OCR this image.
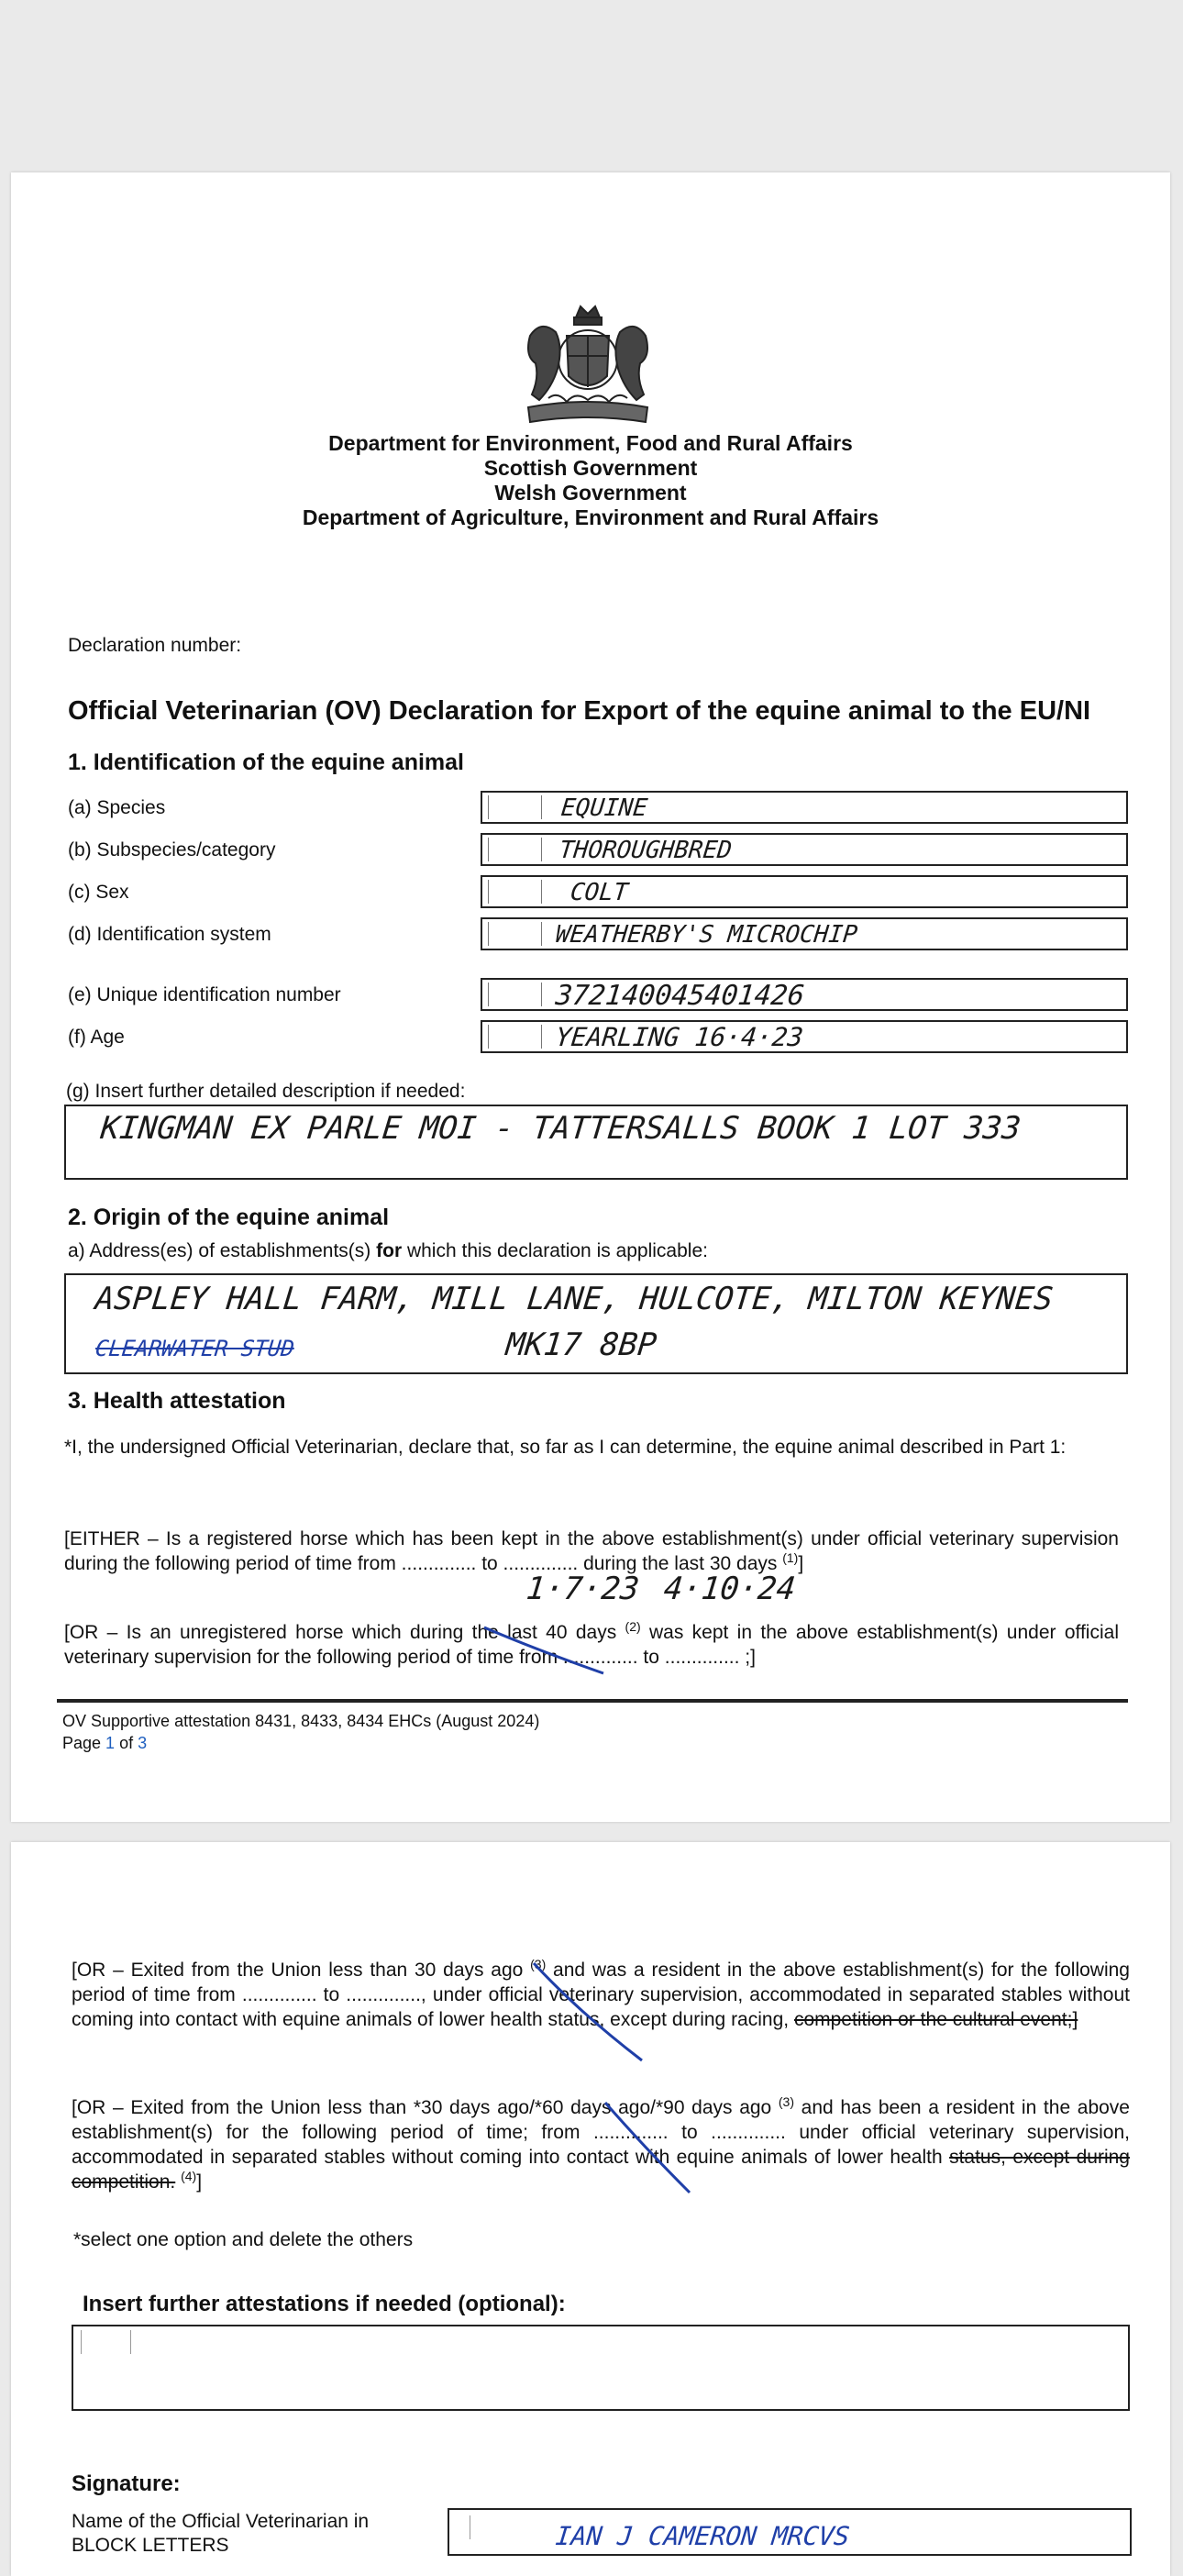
Department for Environment, Food and Rural Affairs
Scottish Government
Welsh Government
Department of Agriculture, Environment and Rural Affairs
Declaration number:
Official Veterinarian (OV) Declaration for Export of the equine animal to the EU/NI
1. Identification of the equine animal
(a) Species	EQUINE
(b) Subspecies/category	THOROUGHBRED
(c) Sex	COLT
(d) Identification system	WEATHERBY'S MICROCHIP
(e) Unique identification number	372140045401426
(f) Age	YEARLING 16·4·23
(g) Insert further detailed description if needed:
KINGMAN EX PARLE MOI - TATTERSALLS BOOK 1 LOT 333
2. Origin of the equine animal
a) Address(es) of establishments(s) for which this declaration is applicable:
ASPLEY HALL FARM, MILL LANE, HULCOTE, MILTON KEYNES
CLEARWATER STUD	MK17 8BP
3. Health attestation
*I, the undersigned Official Veterinarian, declare that, so far as I can determine, the equine animal described in Part 1:
[EITHER – Is a registered horse which has been kept in the above establishment(s) under official veterinary supervision during the following period of time from .............. to .............. during the last 30 days $^{(1)}$]
1·7·23 4·10·24
[OR – Is an unregistered horse which during the last 40 days $^{(2)}$ was kept in the above establishment(s) under official veterinary supervision for the following period of time from .............. to .............. ;]
OV Supportive attestation 8431, 8433, 8434 EHCs (August 2024)
Page 1 of 3
[OR – Exited from the Union less than 30 days ago $^{(3)}$ and was a resident in the above establishment(s) for the following period of time from .............. to .............., under official veterinary supervision, accommodated in separated stables without coming into contact with equine animals of lower health status, except during racing, competition or the cultural event;]
[OR – Exited from the Union less than *30 days ago/*60 days ago/*90 days ago $^{(3)}$ and has been a resident in the above establishment(s) for the following period of time; from .............. to .............. under official veterinary supervision, accommodated in separated stables without coming into contact with equine animals of lower health status, except during competition. $^{(4)}$]
*select one option and delete the others
Insert further attestations if needed (optional):
Signature:
Name of the Official Veterinarian in BLOCK LETTERS	IAN J CAMERON MRCVS
